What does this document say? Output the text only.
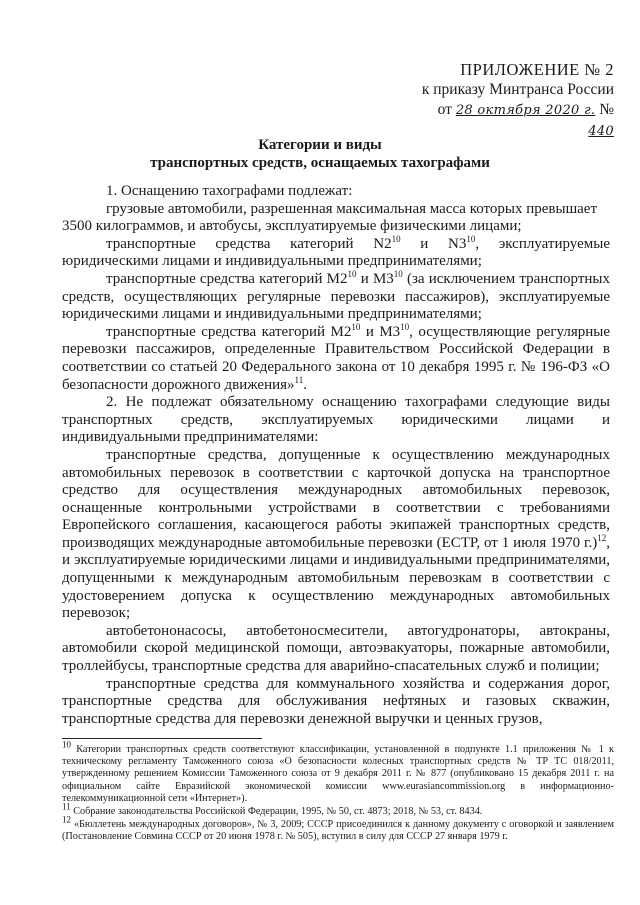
ПРИЛОЖЕНИЕ № 2
к приказу Минтранса России
от 28 октября 2020 г. № 440
Категории и виды
транспортных средств, оснащаемых тахографами

1. Оснащению тахографами подлежат:

грузовые автомобили, разрешенная максимальная масса которых превышает

3500 килограммов, и автобусы, эксплуатируемые физическими лицами;

транспортные средства категорий $N2^{10}$ и $N3^{10}$, эксплуатируемые юридическими лицами и индивидуальными предпринимателями;

транспортные средства категорий $M2^{10}$ и $M3^{10}$ (за исключением транспортных средств, осуществляющих регулярные перевозки пассажиров), эксплуатируемые юридическими лицами и индивидуальными предпринимателями;

транспортные средства категорий $M2^{10}$ и $M3^{10}$, осуществляющие регулярные перевозки пассажиров, определенные Правительством Российской Федерации в соответствии со статьей 20 Федерального закона от 10 декабря 1995 г. № 196-ФЗ «О безопасности дорожного движения»$^{11}$.

2. Не подлежат обязательному оснащению тахографами следующие виды транспортных средств, эксплуатируемых юридическими лицами и индивидуальными предпринимателями:

транспортные средства, допущенные к осуществлению международных автомобильных перевозок в соответствии с карточкой допуска на транспортное средство для осуществления международных автомобильных перевозок, оснащенные контрольными устройствами в соответствии с требованиями Европейского соглашения, касающегося работы экипажей транспортных средств, производящих международные автомобильные перевозки (ЕСТР, от 1 июля 1970 г.)$^{12}$, и эксплуатируемые юридическими лицами и индивидуальными предпринимателями, допущенными к международным автомобильным перевозкам в соответствии с удостоверением допуска к осуществлению международных автомобильных перевозок;

автобетононасосы, автобетоносмесители, автогудронаторы, автокраны, автомобили скорой медицинской помощи, автоэвакуаторы, пожарные автомобили, троллейбусы, транспортные средства для аварийно-спасательных служб и полиции;

транспортные средства для коммунального хозяйства и содержания дорог, транспортные средства для обслуживания нефтяных и газовых скважин, транспортные средства для перевозки денежной выручки и ценных грузов,

$^{10}$ Категории транспортных средств соответствуют классификации, установленной в подпункте 1.1 приложения № 1 к техническому регламенту Таможенного союза «О безопасности колесных транспортных средств № ТР ТС 018/2011, утвержденному решением Комиссии Таможенного союза от 9 декабря 2011 г. № 877 (опубликовано 15 декабря 2011 г. на официальном сайте Евразийской экономической комиссии www.eurasiancommission.org в информационно-телекоммуникационной сети «Интернет»).

$^{11}$ Собрание законодательства Российской Федерации, 1995, № 50, ст. 4873; 2018, № 53, ст. 8434.

$^{12}$ «Бюллетень международных договоров», № 3, 2009; СССР присоединился к данному документу с оговоркой и заявлением (Постановление Совмина СССР от 20 июня 1978 г. № 505), вступил в силу для СССР 27 января 1979 г.
